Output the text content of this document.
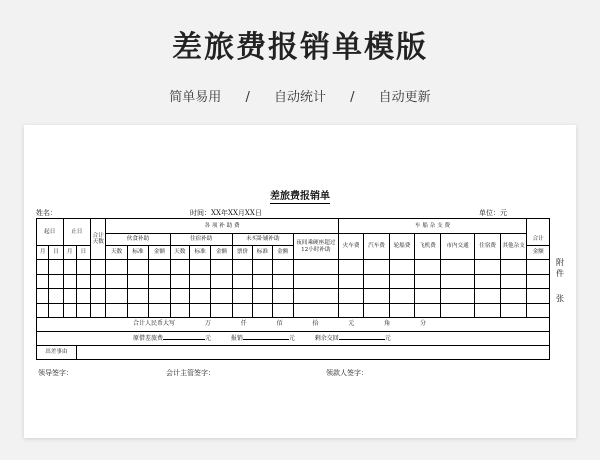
差旅费报销单模版
简单易用 / 自动统计 / 自动更新
差旅费报销单
姓名：	时间：XX年XX月XX日	单位：元
起日		止日		合计天数	各 项 补 助 费										车 船 杂 支 费							
					伙食补助			住宿补助			未买卧铺补助			夜间乘硬座超过12小时补助	火车费	汽车费	轮船费	飞机费	市内交通	住宿费	其他杂支	合计
月	日	月	日		天数	标准	金额	天数	标准	金额	票价	标准	金额									金额

合计人民币大写 万 仟 佰 拾 元 角 分																						
原借差旅费 元 报销 元 剩余交回 元																						
出差事由																						
领导签字：	会计主管签字：	领款人签字：
附件
张
